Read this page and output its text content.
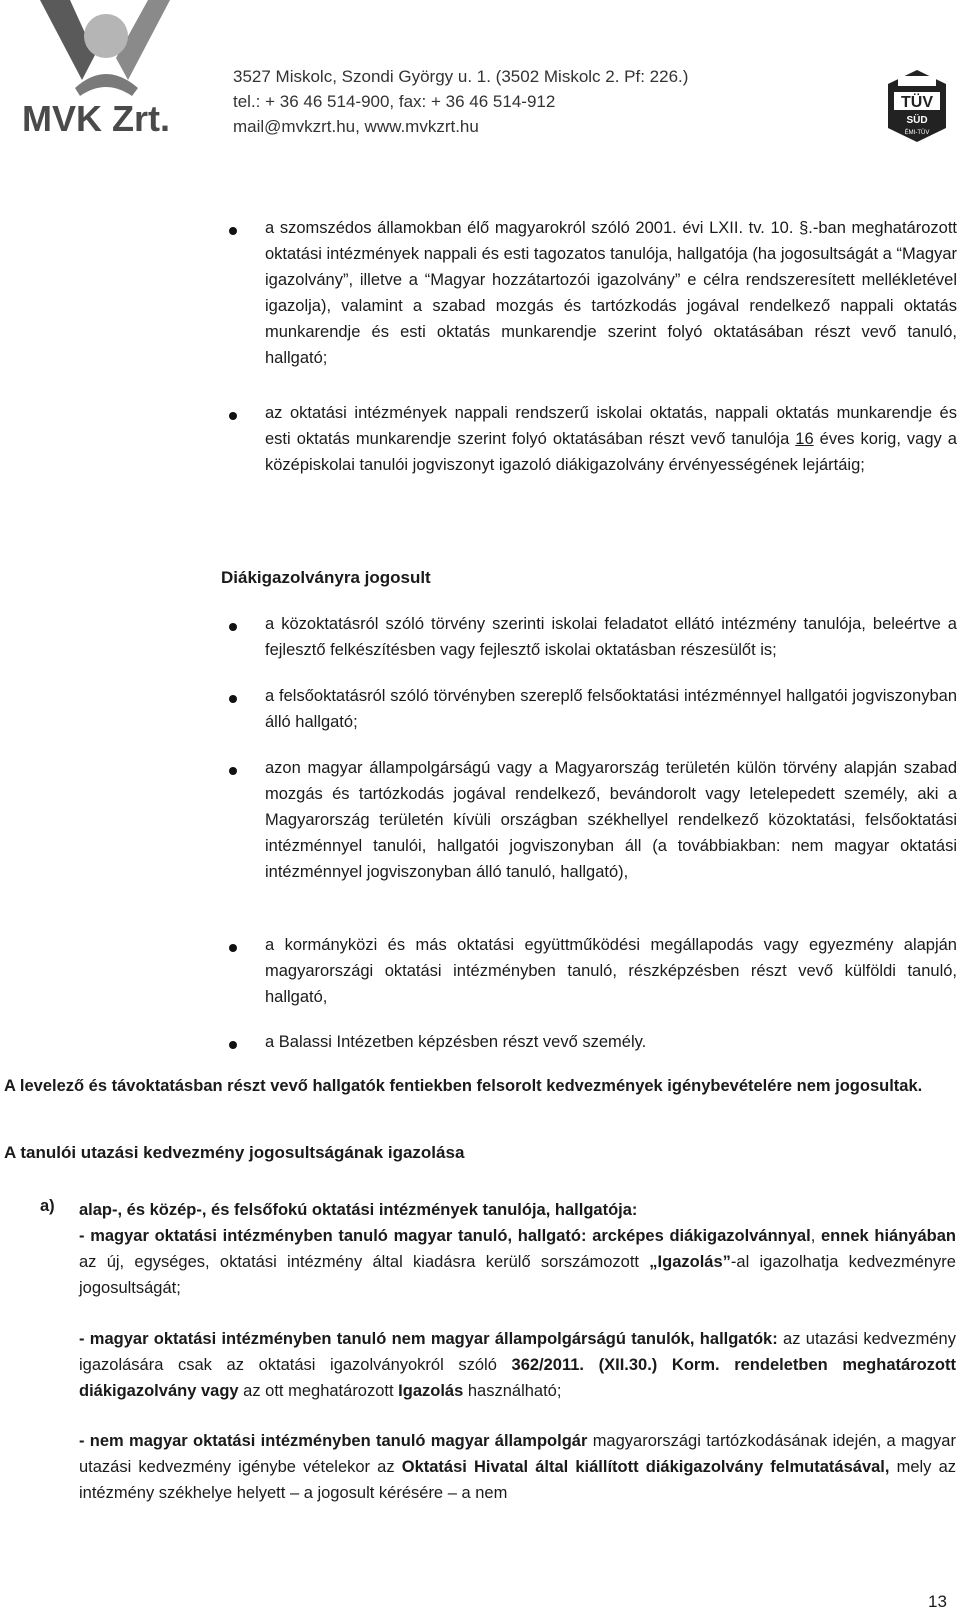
MVK Zrt.
3527 Miskolc, Szondi György u. 1. (3502 Miskolc 2. Pf: 226.)
tel.: + 36 46 514-900, fax: + 36 46 514-912
mail@mvkzrt.hu, www.mvkzrt.hu
TÜV
SÜD
ÉMI-TÜV
a szomszédos államokban élő magyarokról szóló 2001. évi LXII. tv. 10. §.-ban meghatározott oktatási intézmények nappali és esti tagozatos tanulója, hallgatója (ha jogosultságát a “Magyar igazolvány”, illetve a “Magyar hozzátartozói igazolvány” e célra rendszeresített mellékletével igazolja), valamint a szabad mozgás és tartózkodás jogával rendelkező nappali oktatás munkarendje és esti oktatás munkarendje szerint folyó oktatásában részt vevő tanuló, hallgató;
az oktatási intézmények nappali rendszerű iskolai oktatás, nappali oktatás munkarendje és esti oktatás munkarendje szerint folyó oktatásában részt vevő tanulója 16 éves korig, vagy a középiskolai tanulói jogviszonyt igazoló diákigazolvány érvényességének lejártáig;
Diákigazolványra jogosult
a közoktatásról szóló törvény szerinti iskolai feladatot ellátó intézmény tanulója, beleértve a fejlesztő felkészítésben vagy fejlesztő iskolai oktatásban részesülőt is;
a felsőoktatásról szóló törvényben szereplő felsőoktatási intézménnyel hallgatói jogviszonyban álló hallgató;
azon magyar állampolgárságú vagy a Magyarország területén külön törvény alapján szabad mozgás és tartózkodás jogával rendelkező, bevándorolt vagy letelepedett személy, aki a Magyarország területén kívüli országban székhellyel rendelkező közoktatási, felsőoktatási intézménnyel tanulói, hallgatói jogviszonyban áll (a továbbiakban: nem magyar oktatási intézménnyel jogviszonyban álló tanuló, hallgató),
a kormányközi és más oktatási együttműködési megállapodás vagy egyezmény alapján magyarországi oktatási intézményben tanuló, részképzésben részt vevő külföldi tanuló, hallgató,
a Balassi Intézetben képzésben részt vevő személy.
A levelező és távoktatásban részt vevő hallgatók fentiekben felsorolt kedvezmények igénybevételére nem jogosultak.
A tanulói utazási kedvezmény jogosultságának igazolása
a) alap-, és közép-, és felsőfokú oktatási intézmények tanulója, hallgatója:
- magyar oktatási intézményben tanuló magyar tanuló, hallgató: arcképes diákigazolvánnyal, ennek hiányában az új, egységes, oktatási intézmény által kiadásra kerülő sorszámozott „Igazolás”-al igazolhatja kedvezményre jogosultságát;
- magyar oktatási intézményben tanuló nem magyar állampolgárságú tanulók, hallgatók: az utazási kedvezmény igazolására csak az oktatási igazolványokról szóló 362/2011. (XII.30.) Korm. rendeletben meghatározott diákigazolvány vagy az ott meghatározott Igazolás használható;
- nem magyar oktatási intézményben tanuló magyar állampolgár magyarországi tartózkodásának idején, a magyar utazási kedvezmény igénybe vételekor az Oktatási Hivatal által kiállított diákigazolvány felmutatásával, mely az intézmény székhelye helyett – a jogosult kérésére – a nem
13
